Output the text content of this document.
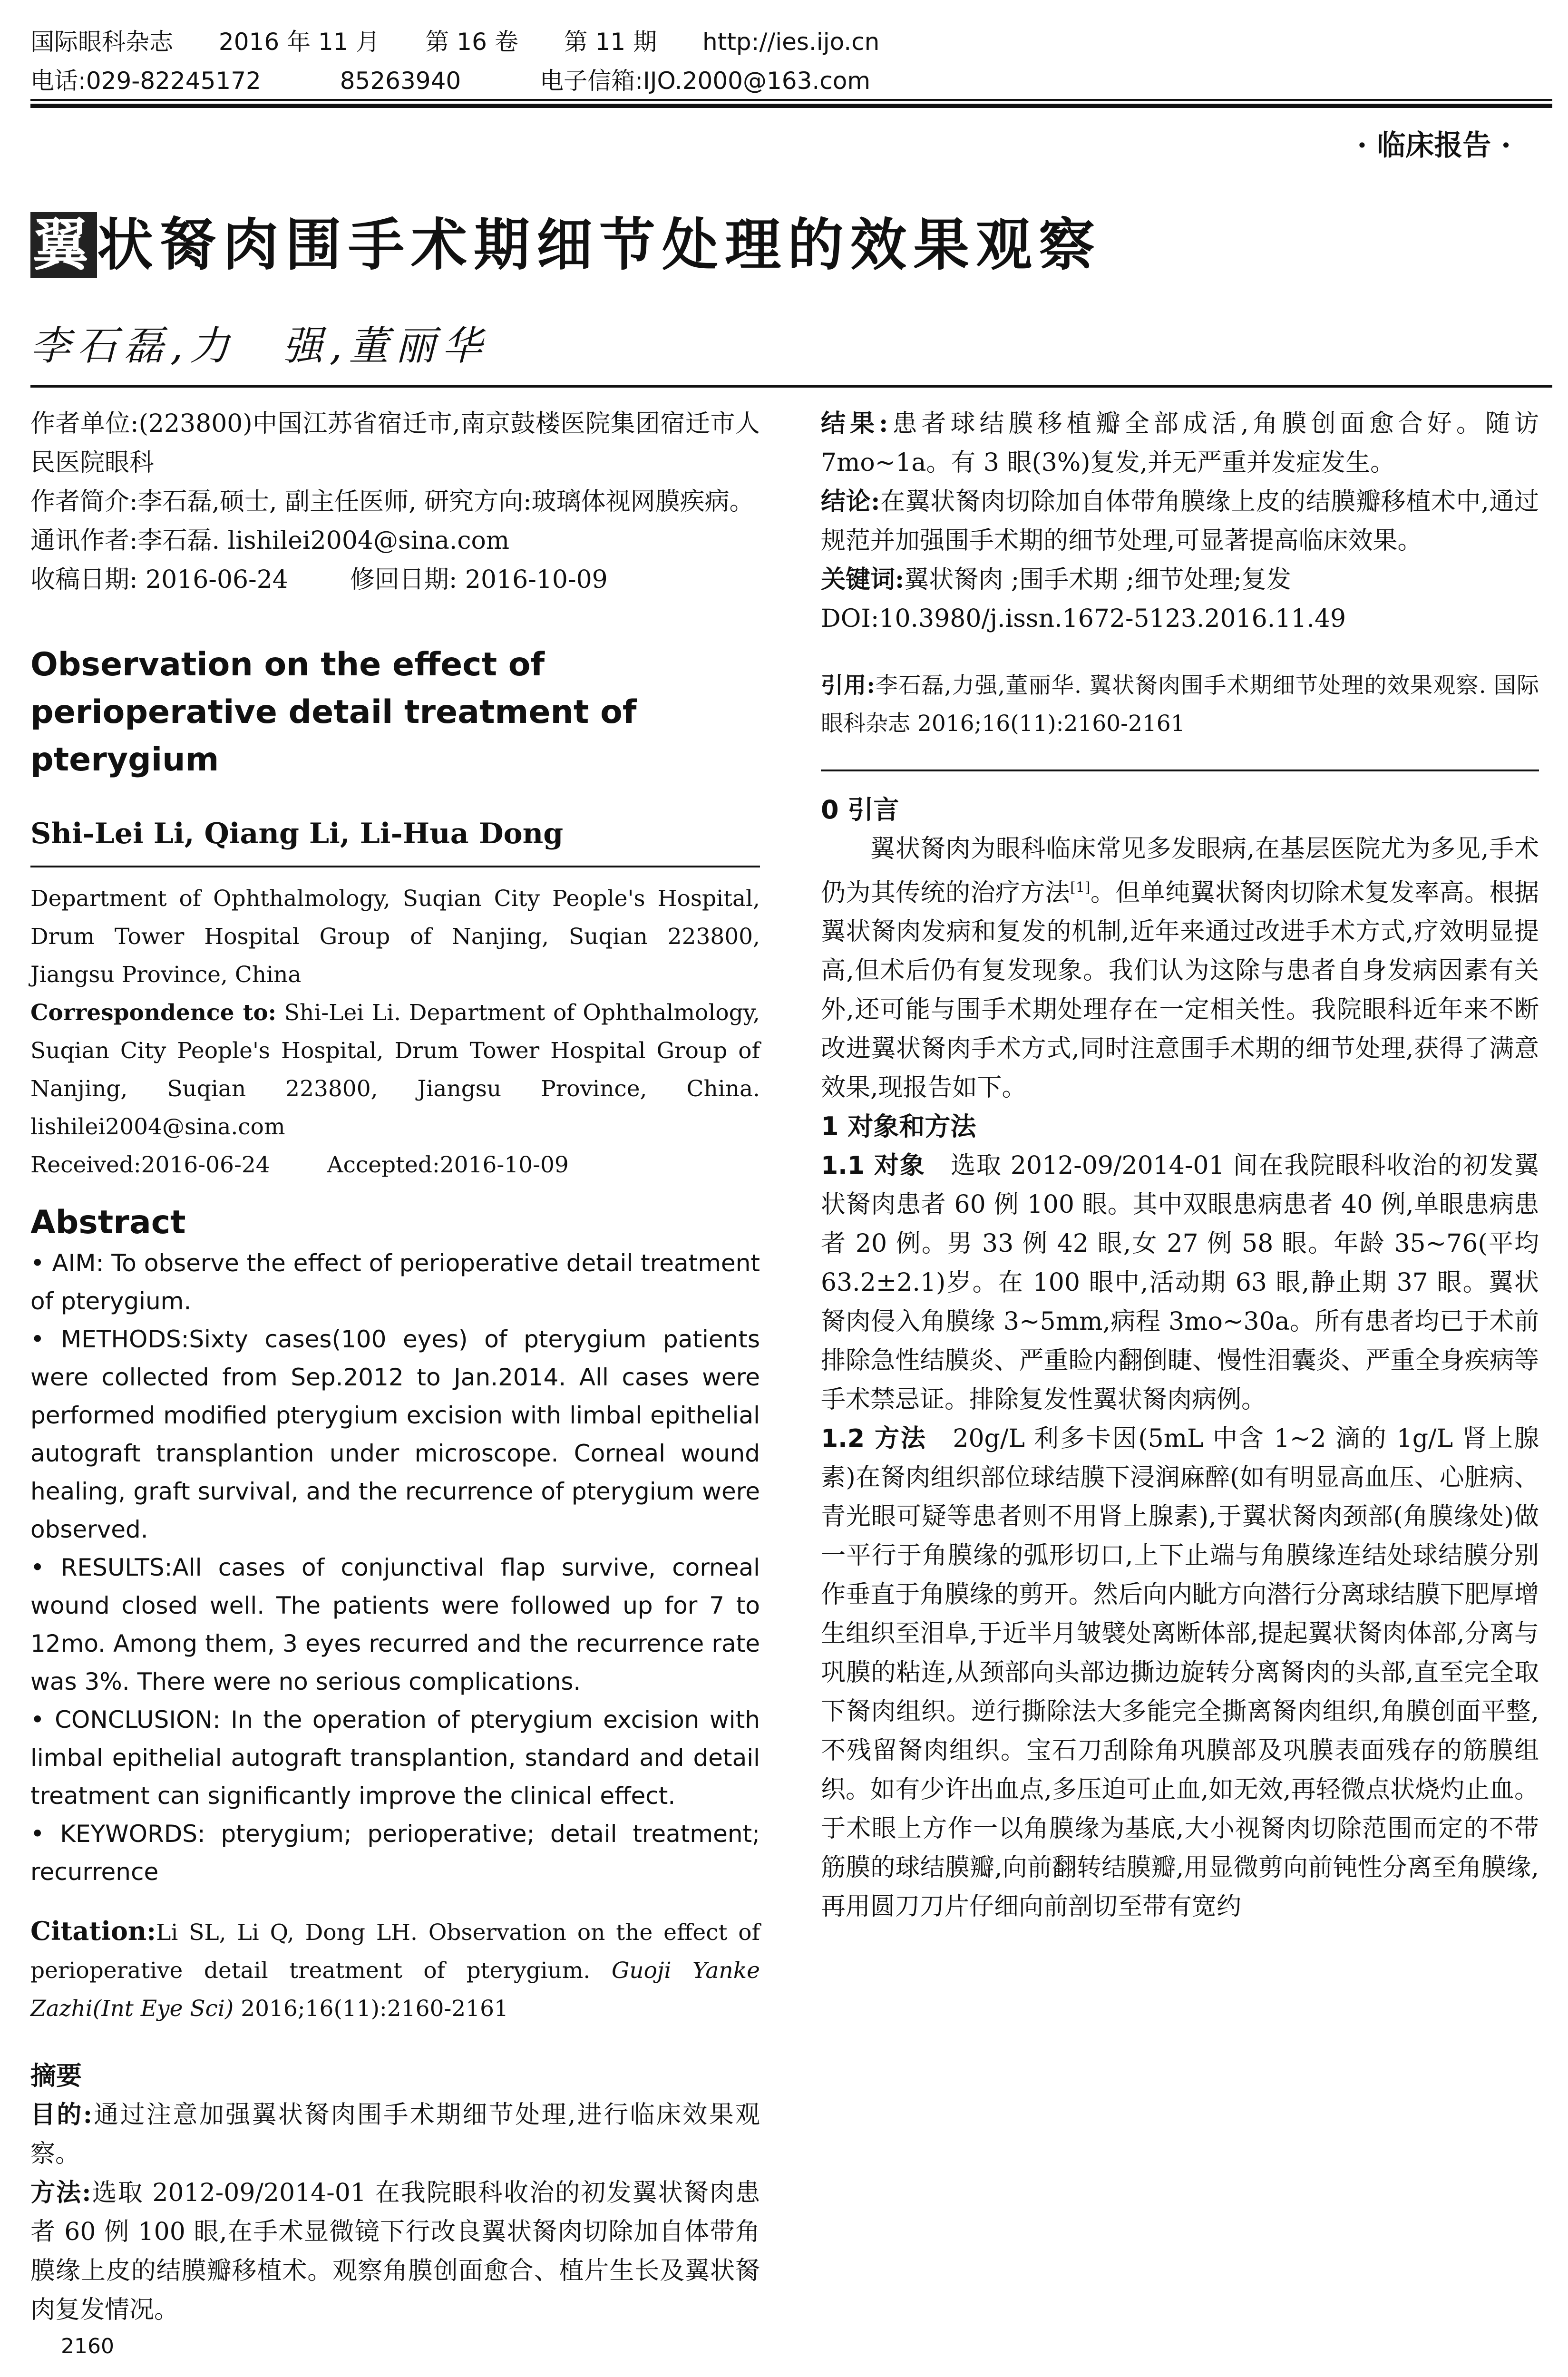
国际眼科杂志 2016 年 11 月 第 16 卷 第 11 期 http://ies.ijo.cn
电话:029-82245172	85263940	电子信箱:IJO.2000@163.com
· 临床报告 ·
翼状胬肉围手术期细节处理的效果观察
李石磊,力　强,董丽华

作者单位:(223800)中国江苏省宿迁市,南京鼓楼医院集团宿迁市人民医院眼科

作者简介:李石磊,硕士, 副主任医师, 研究方向:玻璃体视网膜疾病。

通讯作者:李石磊. lishilei2004@sina.com

收稿日期: 2016-06-24	修回日期: 2016-10-09

Observation on the effect of perioperative detail treatment of pterygium

Shi-Lei Li, Qiang Li, Li-Hua Dong

Department of Ophthalmology, Suqian City People's Hospital, Drum Tower Hospital Group of Nanjing, Suqian 223800, Jiangsu Province, China

Correspondence to: Shi-Lei Li. Department of Ophthalmology, Suqian City People's Hospital, Drum Tower Hospital Group of Nanjing, Suqian 223800, Jiangsu Province, China. lishilei2004@sina.com

Received:2016-06-24	Accepted:2016-10-09

Abstract

• AIM: To observe the effect of perioperative detail treatment of pterygium.

• METHODS:Sixty cases(100 eyes) of pterygium patients were collected from Sep.2012 to Jan.2014. All cases were performed modified pterygium excision with limbal epithelial autograft transplantion under microscope. Corneal wound healing, graft survival, and the recurrence of pterygium were observed.

• RESULTS:All cases of conjunctival flap survive, corneal wound closed well. The patients were followed up for 7 to 12mo. Among them, 3 eyes recurred and the recurrence rate was 3%. There were no serious complications.

• CONCLUSION: In the operation of pterygium excision with limbal epithelial autograft transplantion, standard and detail treatment can significantly improve the clinical effect.

• KEYWORDS: pterygium; perioperative; detail treatment; recurrence

Citation:Li SL, Li Q, Dong LH. Observation on the effect of perioperative detail treatment of pterygium. Guoji Yanke Zazhi(Int Eye Sci) 2016;16(11):2160-2161

摘要

目的:通过注意加强翼状胬肉围手术期细节处理,进行临床效果观察。

方法:选取 2012-09/2014-01 在我院眼科收治的初发翼状胬肉患者 60 例 100 眼,在手术显微镜下行改良翼状胬肉切除加自体带角膜缘上皮的结膜瓣移植术。观察角膜创面愈合、植片生长及翼状胬肉复发情况。

结果:患者球结膜移植瓣全部成活,角膜创面愈合好。随访 7mo~1a。有 3 眼(3%)复发,并无严重并发症发生。

结论:在翼状胬肉切除加自体带角膜缘上皮的结膜瓣移植术中,通过规范并加强围手术期的细节处理,可显著提高临床效果。

关键词:翼状胬肉 ;围手术期 ;细节处理;复发

DOI:10.3980/j.issn.1672-5123.2016.11.49

引用:李石磊,力强,董丽华. 翼状胬肉围手术期细节处理的效果观察. 国际眼科杂志 2016;16(11):2160-2161

0 引言

翼状胬肉为眼科临床常见多发眼病,在基层医院尤为多见,手术仍为其传统的治疗方法[1]。但单纯翼状胬肉切除术复发率高。根据翼状胬肉发病和复发的机制,近年来通过改进手术方式,疗效明显提高,但术后仍有复发现象。我们认为这除与患者自身发病因素有关外,还可能与围手术期处理存在一定相关性。我院眼科近年来不断改进翼状胬肉手术方式,同时注意围手术期的细节处理,获得了满意效果,现报告如下。

1 对象和方法

1.1 对象　选取 2012-09/2014-01 间在我院眼科收治的初发翼状胬肉患者 60 例 100 眼。其中双眼患病患者 40 例,单眼患病患者 20 例。男 33 例 42 眼,女 27 例 58 眼。年龄 35~76(平均 63.2±2.1)岁。在 100 眼中,活动期 63 眼,静止期 37 眼。翼状胬肉侵入角膜缘 3~5mm,病程 3mo~30a。所有患者均已于术前排除急性结膜炎、严重睑内翻倒睫、慢性泪囊炎、严重全身疾病等手术禁忌证。排除复发性翼状胬肉病例。

1.2 方法　20g/L 利多卡因(5mL 中含 1~2 滴的 1g/L 肾上腺素)在胬肉组织部位球结膜下浸润麻醉(如有明显高血压、心脏病、青光眼可疑等患者则不用肾上腺素),于翼状胬肉颈部(角膜缘处)做一平行于角膜缘的弧形切口,上下止端与角膜缘连结处球结膜分别作垂直于角膜缘的剪开。然后向内眦方向潜行分离球结膜下肥厚增生组织至泪阜,于近半月皱襞处离断体部,提起翼状胬肉体部,分离与巩膜的粘连,从颈部向头部边撕边旋转分离胬肉的头部,直至完全取下胬肉组织。逆行撕除法大多能完全撕离胬肉组织,角膜创面平整,不残留胬肉组织。宝石刀刮除角巩膜部及巩膜表面残存的筋膜组织。如有少许出血点,多压迫可止血,如无效,再轻微点状烧灼止血。于术眼上方作一以角膜缘为基底,大小视胬肉切除范围而定的不带筋膜的球结膜瓣,向前翻转结膜瓣,用显微剪向前钝性分离至角膜缘,再用圆刀刀片仔细向前剖切至带有宽约

2160
